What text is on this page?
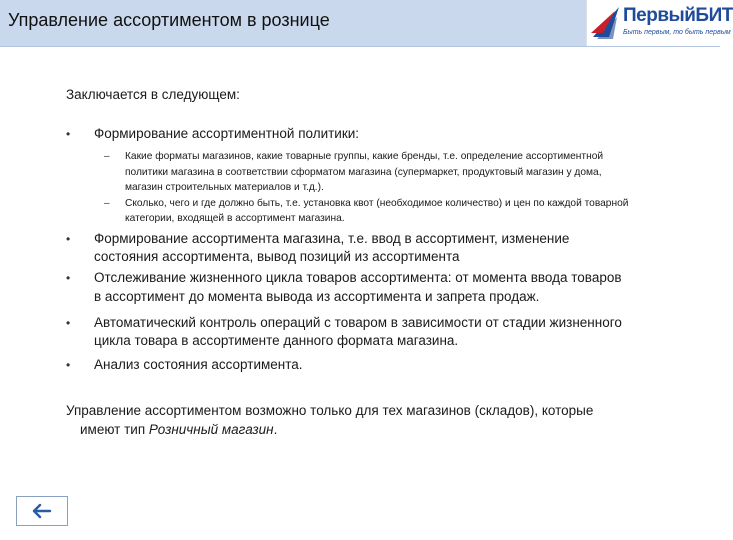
Управление ассортиментом в рознице	ПервыйБИТ
Быть первым, то быть первым
Заключается в следующем:
• Формирование ассортиментной политики:
– Какие форматы магазинов, какие товарные группы, какие бренды, т.е. определение ассортиментной
политики магазина в соответствии сформатом магазина (супермаркет, продуктовый магазин у дома,
магазин строительных материалов и т.д.).
– Сколько, чего и где должно быть, т.е. установка квот (необходимое количество) и цен по каждой товарной
категории, входящей в ассортимент магазина.
• Формирование ассортимента магазина, т.е. ввод в ассортимент, изменение
состояния ассортимента, вывод позиций из ассортимента
• Отслеживание жизненного цикла товаров ассортимента: от момента ввода товаров
в ассортимент до момента вывода из ассортимента и запрета продаж.
• Автоматический контроль операций с товаром в зависимости от стадии жизненного
цикла товара в ассортименте данного формата магазина.
• Анализ состояния ассортимента.
Управление ассортиментом возможно только для тех магазинов (складов), которые
имеют тип Розничный магазин.
